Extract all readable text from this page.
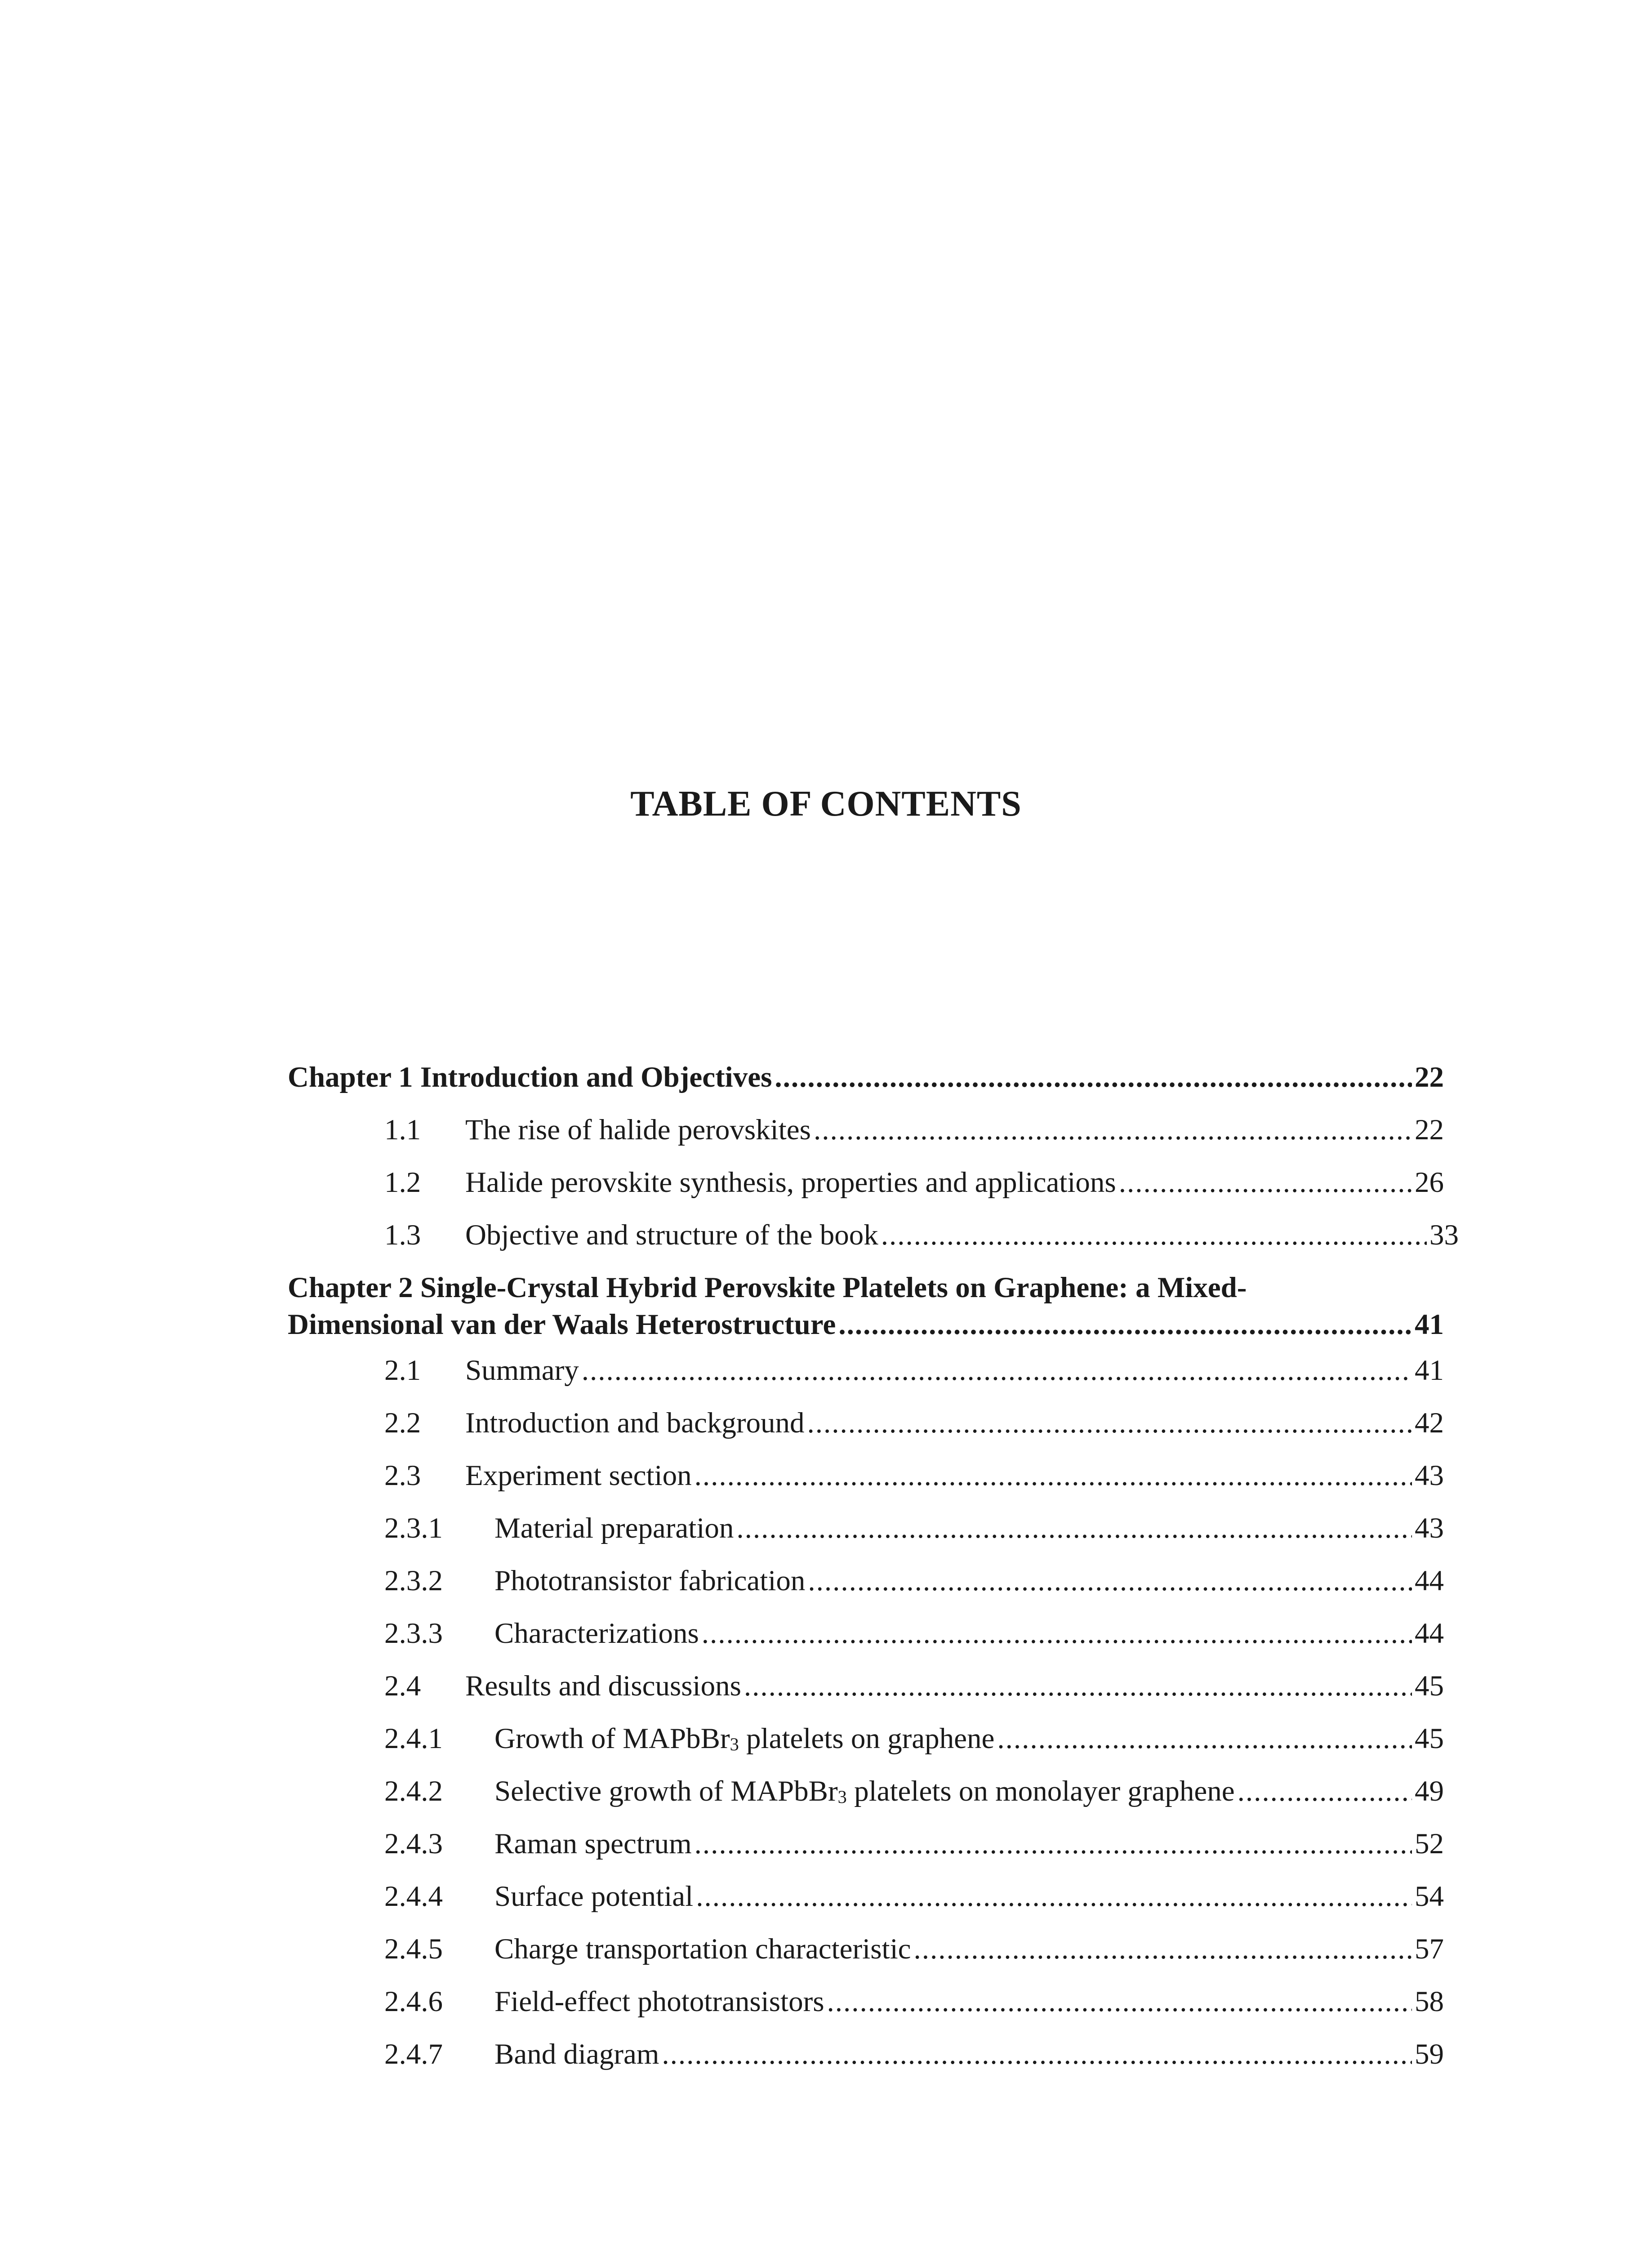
TABLE OF CONTENTS
Chapter 1 Introduction and Objectives .....	22
1.1	The rise of halide perovskites .....	22
1.2	Halide perovskite synthesis, properties and applications .....	26
1.3	Objective and structure of the book .....	33
Chapter 2 Single-Crystal Hybrid Perovskite Platelets on Graphene: a Mixed-
Dimensional van der Waals Heterostructure .....	41
2.1	Summary .....	41
2.2	Introduction and background .....	42
2.3	Experiment section .....	43
2.3.1	Material preparation .....	43
2.3.2	Phototransistor fabrication .....	44
2.3.3	Characterizations .....	44
2.4	Results and discussions .....	45
2.4.1	Growth of MAPbBr$_3$ platelets on graphene .....	45
2.4.2	Selective growth of MAPbBr$_3$ platelets on monolayer graphene .....	49
2.4.3	Raman spectrum .....	52
2.4.4	Surface potential .....	54
2.4.5	Charge transportation characteristic .....	57
2.4.6	Field-effect phototransistors .....	58
2.4.7	Band diagram .....	59
